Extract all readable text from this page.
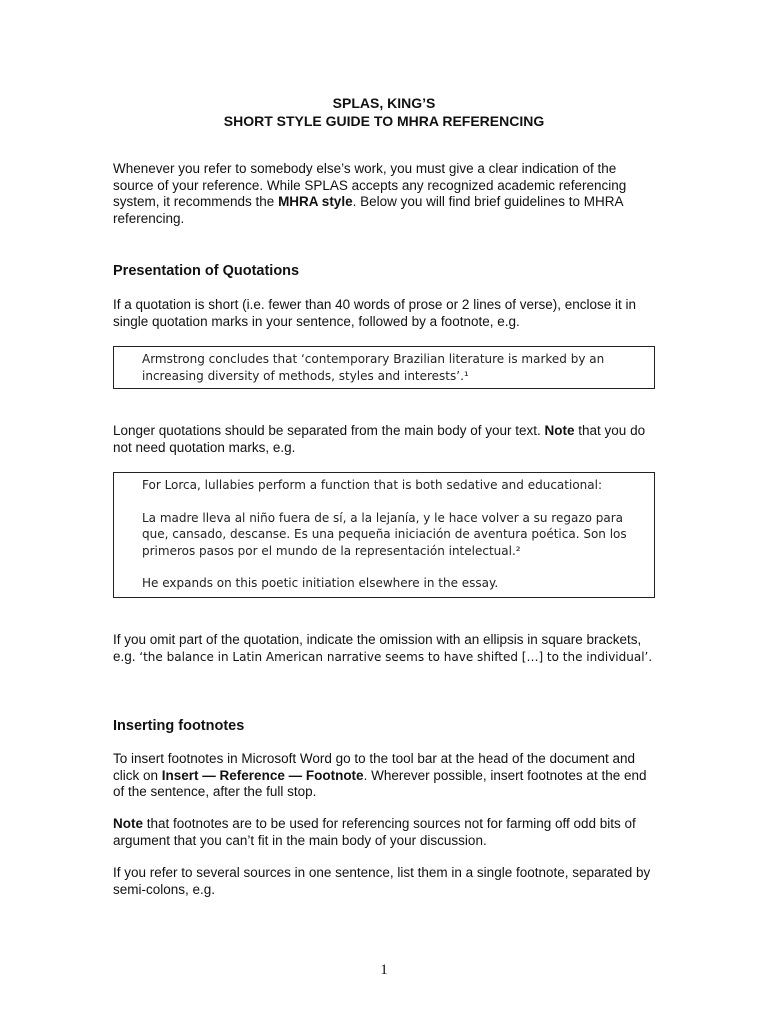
SPLAS, KING’S
SHORT STYLE GUIDE TO MHRA REFERENCING
Whenever you refer to somebody else’s work, you must give a clear indication of the source of your reference. While SPLAS accepts any recognized academic referencing system, it recommends the MHRA style. Below you will find brief guidelines to MHRA referencing.
Presentation of Quotations
If a quotation is short (i.e. fewer than 40 words of prose or 2 lines of verse), enclose it in single quotation marks in your sentence, followed by a footnote, e.g.

Armstrong concludes that ‘contemporary Brazilian literature is marked by an increasing diversity of methods, styles and interests’.¹

Longer quotations should be separated from the main body of your text. Note that you do not need quotation marks, e.g.

For Lorca, lullabies perform a function that is both sedative and educational:

La madre lleva al niño fuera de sí, a la lejanía, y le hace volver a su regazo para que, cansado, descanse. Es una pequeña iniciación de aventura poética. Son los primeros pasos por el mundo de la representación intelectual.²

He expands on this poetic initiation elsewhere in the essay.

If you omit part of the quotation, indicate the omission with an ellipsis in square brackets, e.g. ‘the balance in Latin American narrative seems to have shifted […] to the individual’.
Inserting footnotes
To insert footnotes in Microsoft Word go to the tool bar at the head of the document and click on Insert — Reference — Footnote. Wherever possible, insert footnotes at the end of the sentence, after the full stop.
Note that footnotes are to be used for referencing sources not for farming off odd bits of argument that you can’t fit in the main body of your discussion.
If you refer to several sources in one sentence, list them in a single footnote, separated by semi-colons, e.g.
1
